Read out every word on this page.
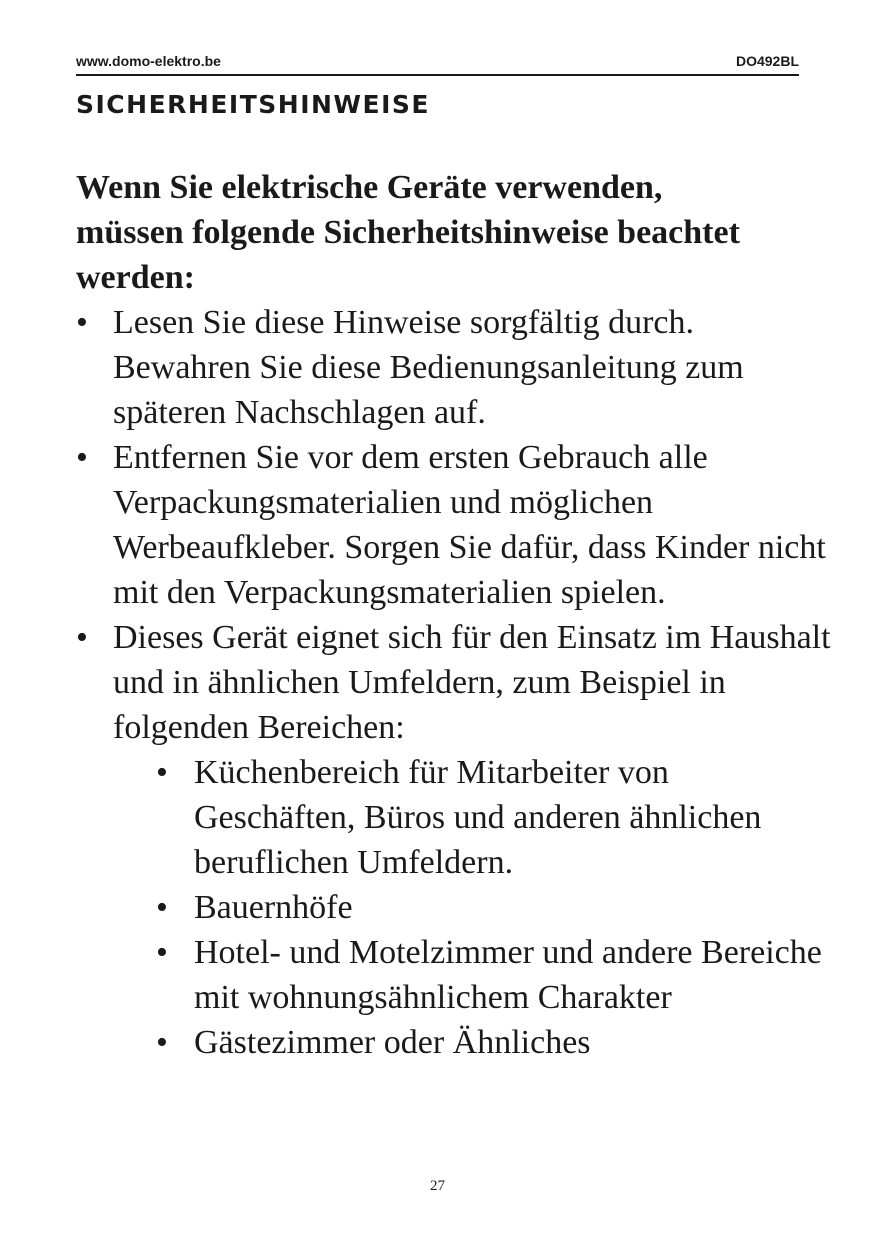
www.domo-elektro.be	DO492BL
sicherheitshinweise

Wenn Sie elektrische Geräte verwenden, müssen folgende Sicherheitshinweise beachtet werden:

• Lesen Sie diese Hinweise sorgfältig durch. Bewahren Sie diese Bedienungsanleitung zum späteren Nachschlagen auf.
• Entfernen Sie vor dem ersten Gebrauch alle Verpackungsmaterialien und möglichen Werbeaufkleber. Sorgen Sie dafür, dass Kinder nicht mit den Verpackungsmaterialien spielen.
• Dieses Gerät eignet sich für den Einsatz im Haushalt und in ähnlichen Umfeldern, zum Beispiel in folgenden Bereichen:
• Küchenbereich für Mitarbeiter von Geschäften, Büros und anderen ähnlichen beruflichen Umfeldern.
• Bauernhöfe
• Hotel- und Motelzimmer und andere Bereiche mit wohnungsähnlichem Charakter
• Gästezimmer oder Ähnliches
27
